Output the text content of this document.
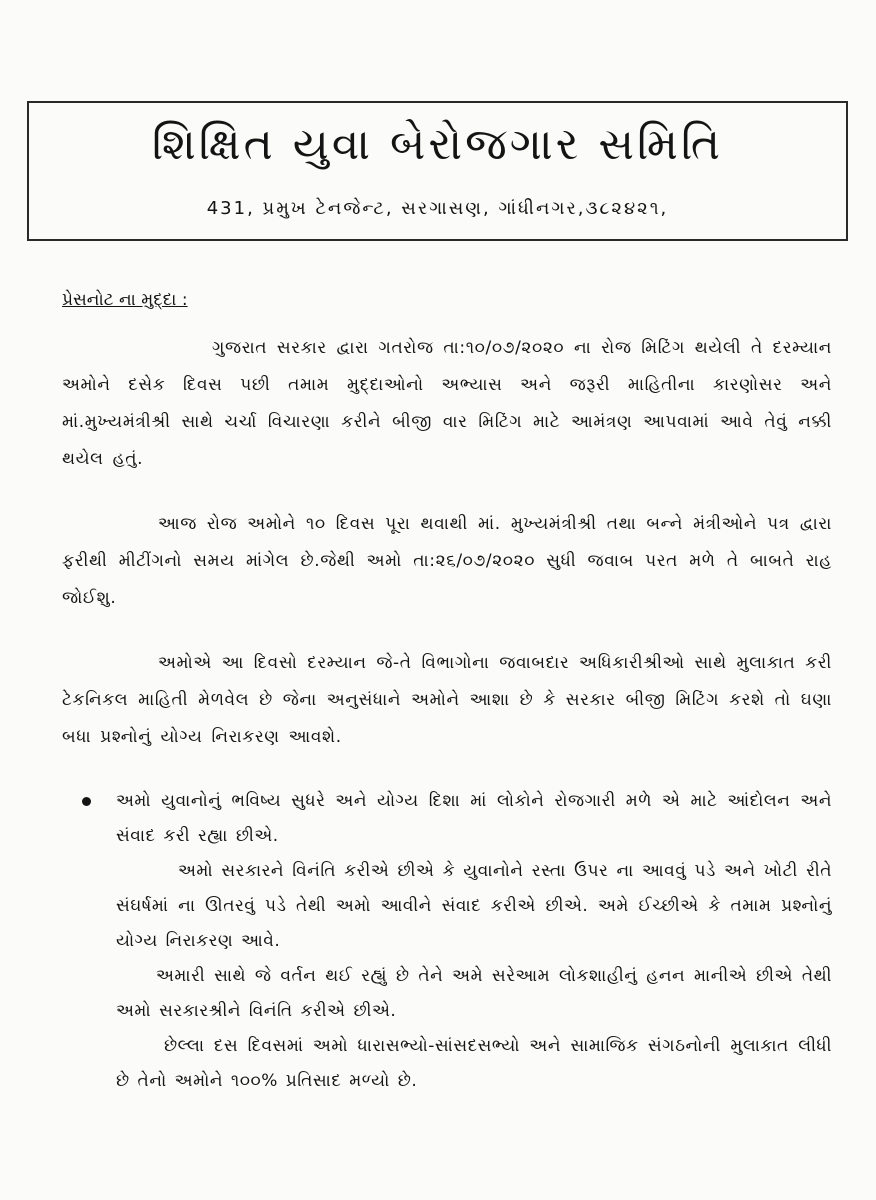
શિક્ષિત યુવા બેરોજગાર સમિતિ
431, પ્રમુખ ટેનજેન્ટ, સરગાસણ, ગાંધીનગર,૩૮૨૪૨૧,

પ્રેસનોટ ના મુદ્દા :

ગુજરાત સરકાર દ્વારા ગતરોજ તા:૧૦/૦૭/૨૦૨૦ ના રોજ મિટિંગ થયેલી તે દરમ્યાન અમોને દસેક દિવસ પછી તમામ મુદ્દાઓનો અભ્યાસ અને જરૂરી માહિતીના કારણોસર અને માં.મુખ્યમંત્રીશ્રી સાથે ચર્ચા વિચારણા કરીને બીજી વાર મિટિંગ માટે આમંત્રણ આપવામાં આવે તેવું નક્કી થયેલ હતું.

આજ રોજ અમોને ૧૦ દિવસ પૂરા થવાથી માં. મુખ્યમંત્રીશ્રી તથા બન્ને મંત્રીઓને પત્ર દ્વારા ફરીથી મીટીંગનો સમય માંગેલ છે.જેથી અમો તા:૨૬/૦૭/૨૦૨૦ સુધી જવાબ પરત મળે તે બાબતે રાહ જોઈશુ.

અમોએ આ દિવસો દરમ્યાન જે-તે વિભાગોના જવાબદાર અધિકારીશ્રીઓ સાથે મુલાકાત કરી ટેકનિકલ માહિતી મેળવેલ છે જેના અનુસંધાને અમોને આશા છે કે સરકાર બીજી મિટિંગ કરશે તો ઘણા બધા પ્રશ્નોનું યોગ્ય નિરાકરણ આવશે.

અમો યુવાનોનું ભવિષ્ય સુધરે અને યોગ્ય દિશા માં લોકોને રોજગારી મળે એ માટે આંદોલન અને સંવાદ કરી રહ્યા છીએ.

અમો સરકારને વિનંતિ કરીએ છીએ કે યુવાનોને રસ્તા ઉપર ના આવવું પડે અને ખોટી રીતે સંઘર્ષમાં ના ઊતરવું પડે તેથી અમો આવીને સંવાદ કરીએ છીએ. અમે ઈચ્છીએ કે તમામ પ્રશ્નોનું યોગ્ય નિરાકરણ આવે.

અમારી સાથે જે વર્તન થઈ રહ્યું છે તેને અમે સરેઆમ લોકશાહીનું હનન માનીએ છીએ તેથી અમો સરકારશ્રીને વિનંતિ કરીએ છીએ.

છેલ્લા દસ દિવસમાં અમો ધારાસભ્યો-સાંસદસભ્યો અને સામાજિક સંગઠનોની મુલાકાત લીધી છે તેનો અમોને ૧૦૦% પ્રતિસાદ મળ્યો છે.
